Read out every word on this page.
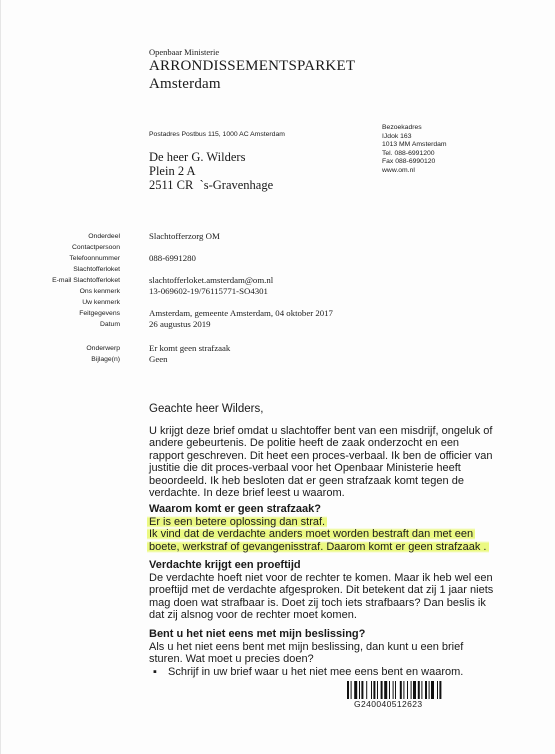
Openbaar Ministerie
ARRONDISSEMENTSPARKET
Amsterdam
Postadres Postbus 115, 1000 AC Amsterdam
De heer G. Wilders
Plein 2 A
2511 CR  `s-Gravenhage
Bezoekadres
IJdok 163
1013 MM Amsterdam
Tel. 088-6991200
Fax 088-6990120
www.om.nl
Onderdeel
Contactpersoon
Telefoonnummer
Slachtofferloket
E-mail Slachtofferloket
Ons kenmerk
Uw kenmerk
Feitgegevens
Datum
Slachtofferzorg OM
088-6991280
slachtofferloket.amsterdam@om.nl
13-069602-19/76115771-SO4301
Amsterdam, gemeente Amsterdam, 04 oktober 2017
26 augustus 2019
Onderwerp
Bijlage(n)
Er komt geen strafzaak
Geen
Geachte heer Wilders,
U krijgt deze brief omdat u slachtoffer bent van een misdrijf, ongeluk of andere gebeurtenis. De politie heeft de zaak onderzocht en een rapport geschreven. Dit heet een proces-verbaal. Ik ben de officier van justitie die dit proces-verbaal voor het Openbaar Ministerie heeft beoordeeld. Ik heb besloten dat er geen strafzaak komt tegen de verdachte. In deze brief leest u waarom.
Waarom komt er geen strafzaak?
Er is een betere oplossing dan straf.
Ik vind dat de verdachte anders moet worden bestraft dan met een
boete, werkstraf of gevangenisstraf. Daarom komt er geen strafzaak .
Verdachte krijgt een proeftijd
De verdachte hoeft niet voor de rechter te komen. Maar ik heb wel een proeftijd met de verdachte afgesproken. Dit betekent dat zij 1 jaar niets mag doen wat strafbaar is. Doet zij toch iets strafbaars? Dan beslis ik dat zij alsnog voor de rechter moet komen.
Bent u het niet eens met mijn beslissing?
Als u het niet eens bent met mijn beslissing, dan kunt u een brief sturen. Wat moet u precies doen?
▪ Schrijf in uw brief waar u het niet mee eens bent en waarom.
G240040512623
